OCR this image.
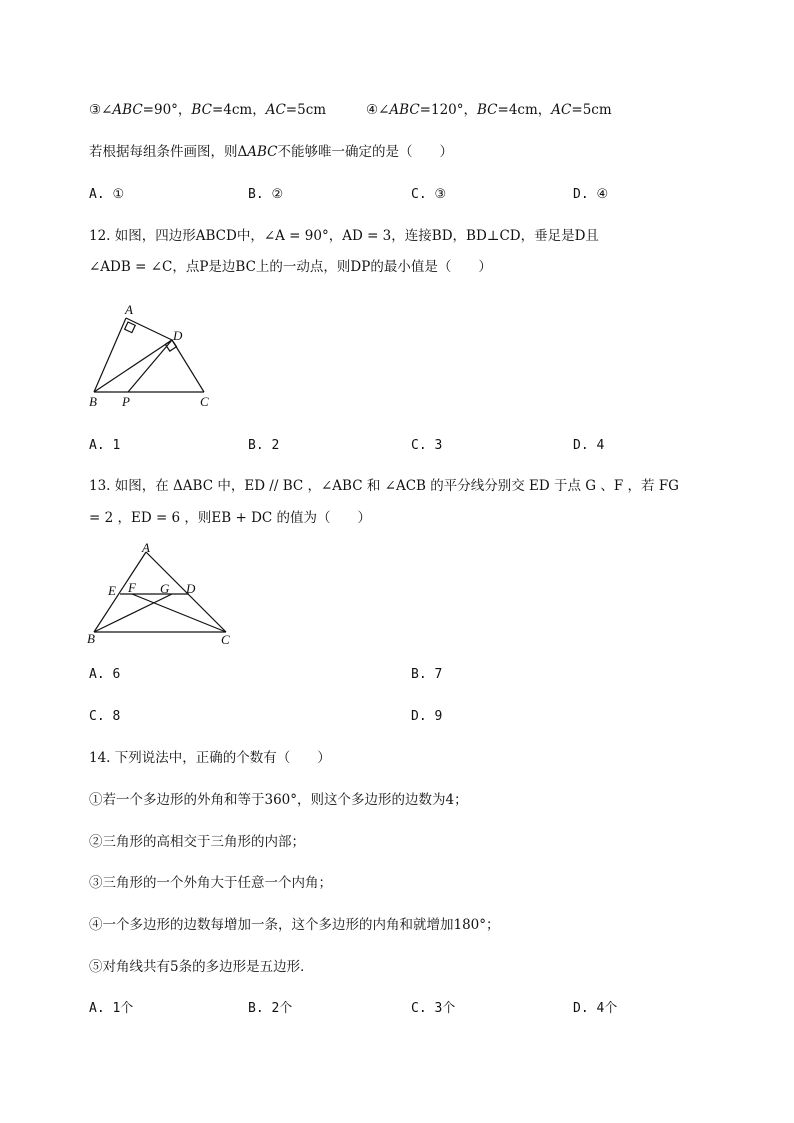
③∠ABC=90°，BC=4cm，AC=5cm	④∠ABC=120°，BC=4cm，AC=5cm
若根据每组条件画图，则ΔABC不能够唯一确定的是（　　）
A. ①	B. ②	C. ③	D. ④
12. 如图，四边形ABCD中，∠A = 90°，AD = 3，连接BD，BD⊥CD，垂足是D且
∠ADB = ∠C，点P是边BC上的一动点，则DP的最小值是（　　）
A
D
B P	C
A. 1	B. 2	C. 3	D. 4
13. 如图，在 ΔABC 中，ED // BC ，∠ABC 和 ∠ACB 的平分线分别交 ED 于点 G 、F ，若 FG
= 2 ，ED = 6 ，则EB + DC 的值为（　　）
A
E F G D
B	C
A. 6	B. 7
C. 8	D. 9
14. 下列说法中，正确的个数有（　　）
①若一个多边形的外角和等于360°，则这个多边形的边数为4；
②三角形的高相交于三角形的内部；
③三角形的一个外角大于任意一个内角；
④一个多边形的边数每增加一条，这个多边形的内角和就增加180°；
⑤对角线共有5条的多边形是五边形．
A. 1个	B. 2个	C. 3个	D. 4个
